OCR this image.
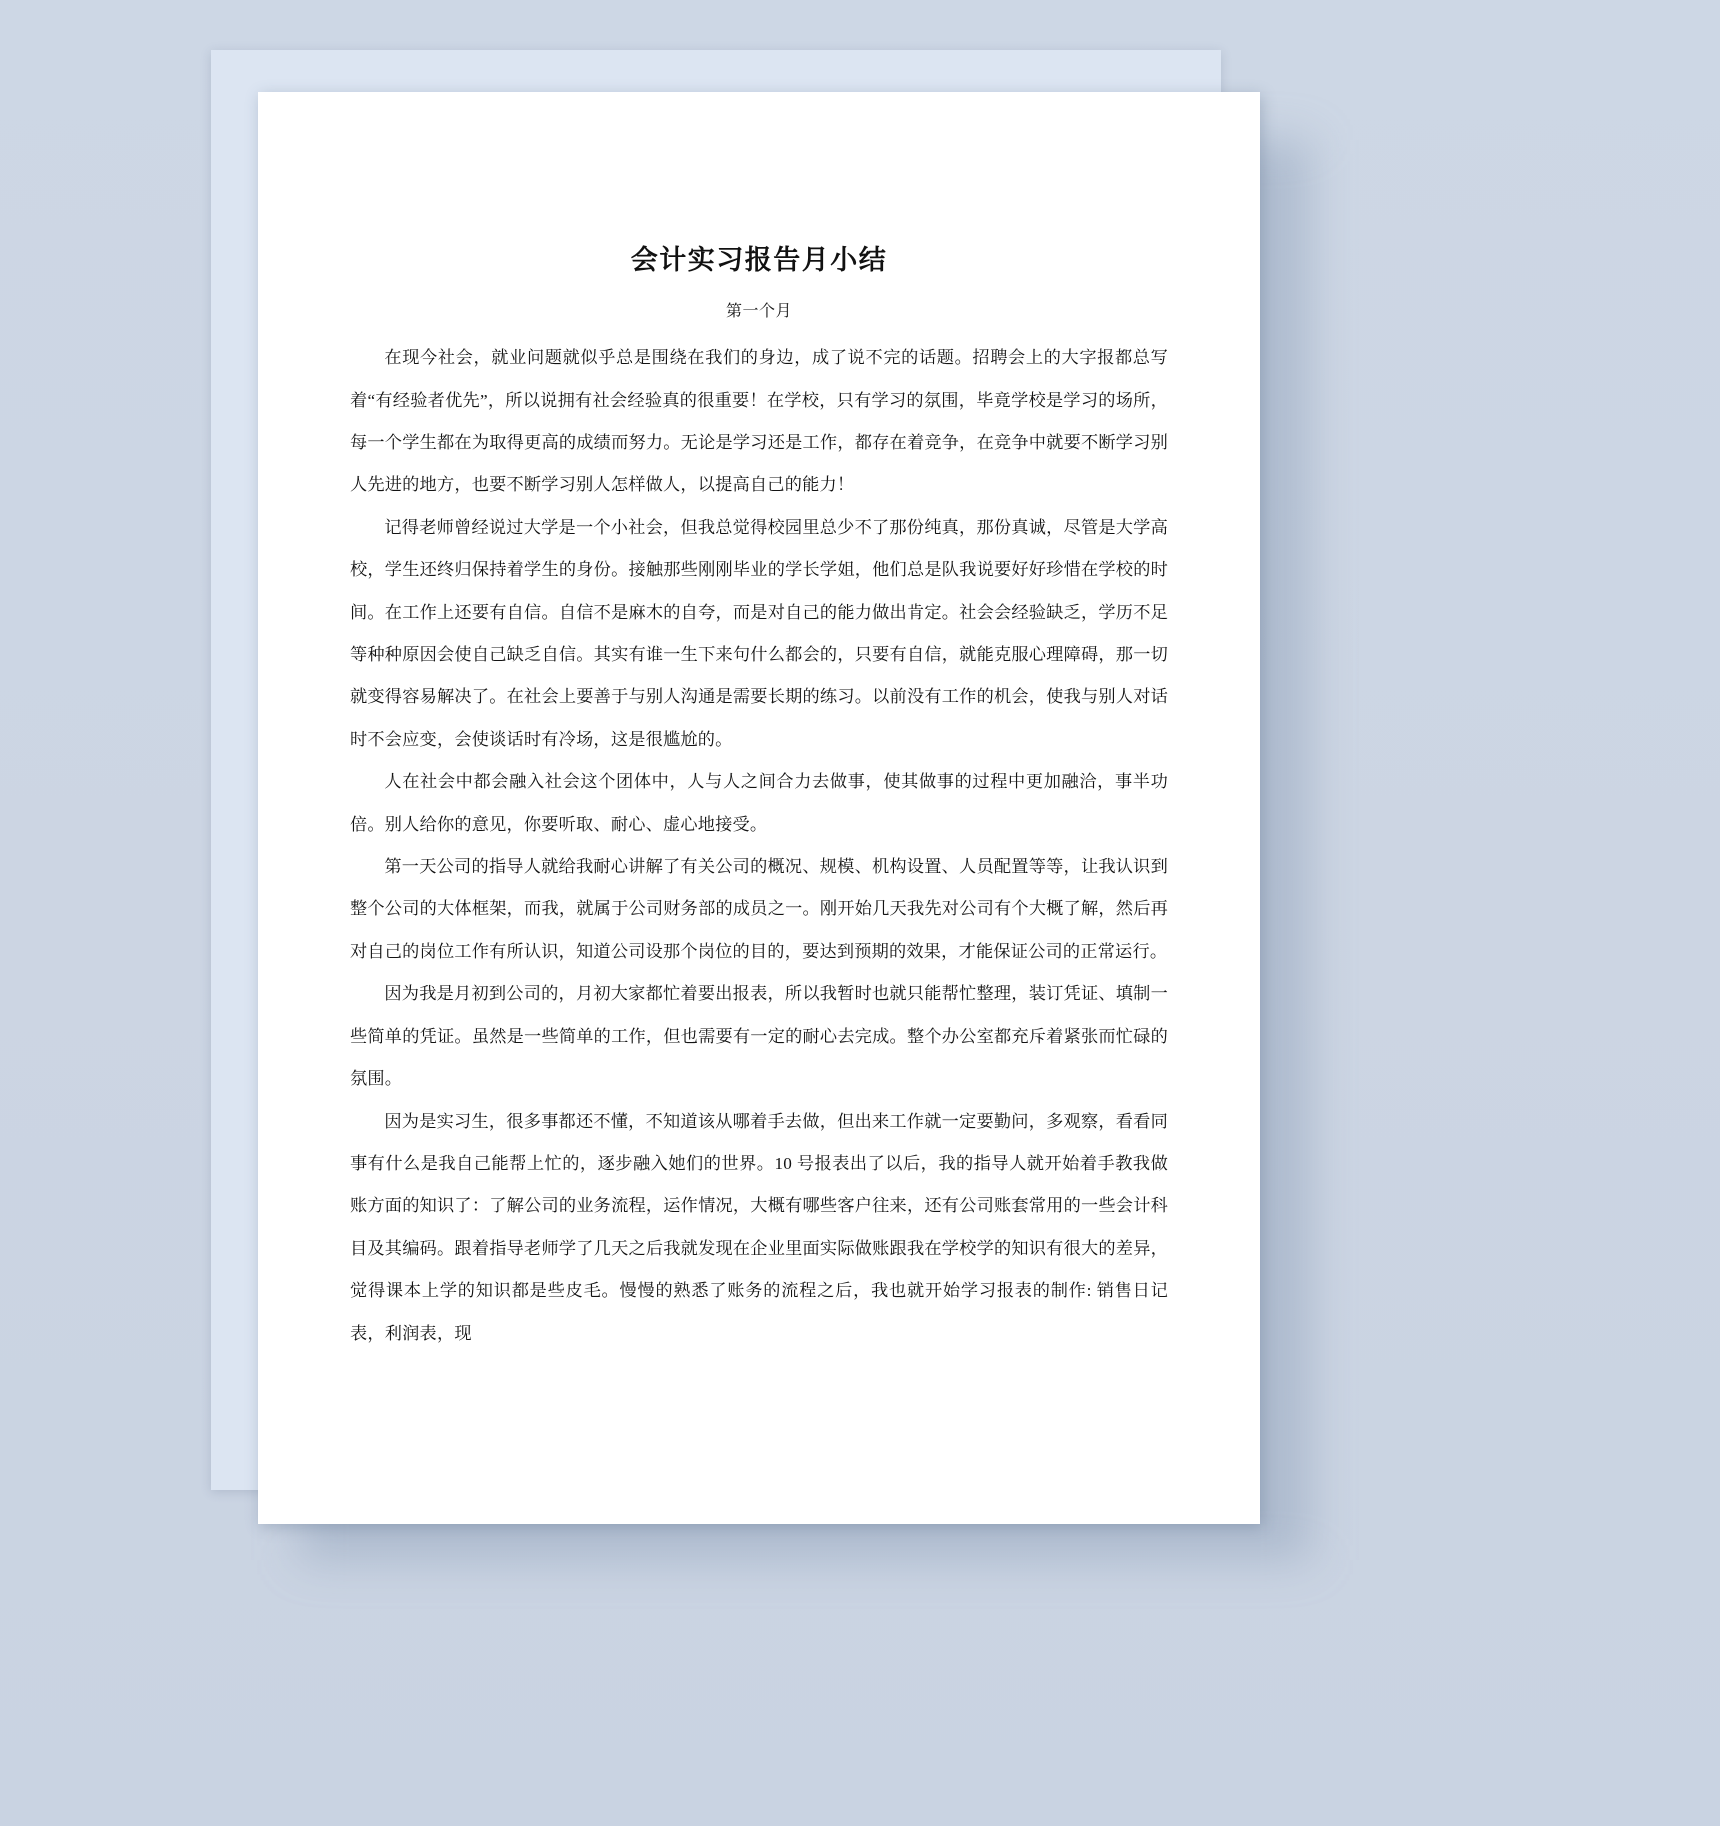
会计实习报告月小结
第一个月

在现今社会，就业问题就似乎总是围绕在我们的身边，成了说不完的话题。招聘会上的大字报都总写着“有经验者优先”，所以说拥有社会经验真的很重要！在学校，只有学习的氛围，毕竟学校是学习的场所，每一个学生都在为取得更高的成绩而努力。无论是学习还是工作，都存在着竞争，在竞争中就要不断学习别人先进的地方，也要不断学习别人怎样做人，以提高自己的能力！

记得老师曾经说过大学是一个小社会，但我总觉得校园里总少不了那份纯真，那份真诚，尽管是大学高校，学生还终归保持着学生的身份。接触那些刚刚毕业的学长学姐，他们总是队我说要好好珍惜在学校的时间。在工作上还要有自信。自信不是麻木的自夸，而是对自己的能力做出肯定。社会会经验缺乏，学历不足等种种原因会使自己缺乏自信。其实有谁一生下来句什么都会的，只要有自信，就能克服心理障碍，那一切就变得容易解决了。在社会上要善于与别人沟通是需要长期的练习。以前没有工作的机会，使我与别人对话时不会应变，会使谈话时有冷场，这是很尴尬的。

人在社会中都会融入社会这个团体中，人与人之间合力去做事，使其做事的过程中更加融洽，事半功倍。别人给你的意见，你要听取、耐心、虚心地接受。

第一天公司的指导人就给我耐心讲解了有关公司的概况、规模、机构设置、人员配置等等，让我认识到整个公司的大体框架，而我，就属于公司财务部的成员之一。刚开始几天我先对公司有个大概了解，然后再对自己的岗位工作有所认识，知道公司设那个岗位的目的，要达到预期的效果，才能保证公司的正常运行。

因为我是月初到公司的，月初大家都忙着要出报表，所以我暂时也就只能帮忙整理，装订凭证、填制一些简单的凭证。虽然是一些简单的工作，但也需要有一定的耐心去完成。整个办公室都充斥着紧张而忙碌的氛围。

因为是实习生，很多事都还不懂，不知道该从哪着手去做，但出来工作就一定要勤问，多观察，看看同事有什么是我自己能帮上忙的，逐步融入她们的世界。10 号报表出了以后，我的指导人就开始着手教我做账方面的知识了：了解公司的业务流程，运作情况，大概有哪些客户往来，还有公司账套常用的一些会计科目及其编码。跟着指导老师学了几天之后我就发现在企业里面实际做账跟我在学校学的知识有很大的差异，觉得课本上学的知识都是些皮毛。慢慢的熟悉了账务的流程之后，我也就开始学习报表的制作: 销售日记表，利润表，现
